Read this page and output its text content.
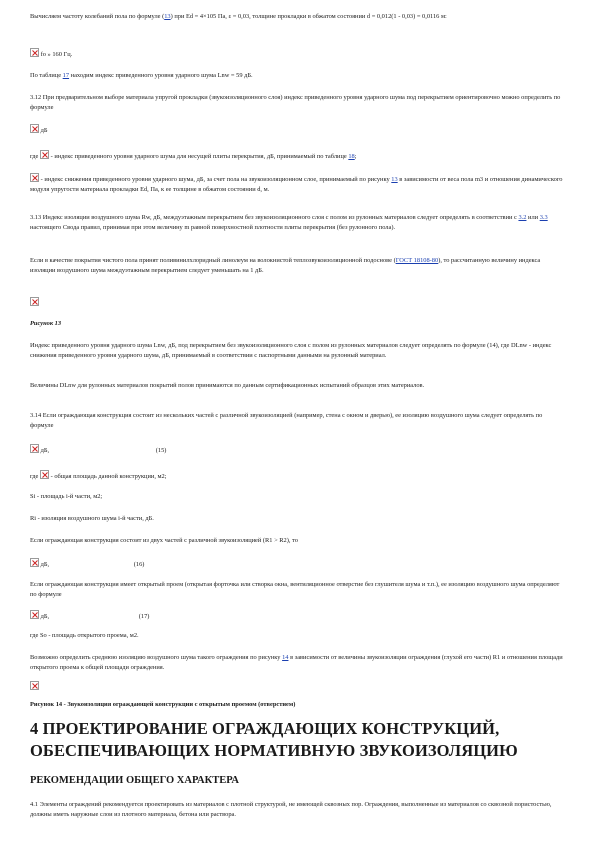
Вычисляем частоту колебаний пола по формуле (13) при Ed = 4×105 Па, ε = 0,03, толщине прокладки в обжатом состоянии d = 0,012(1 - 0,03) = 0,0116 м:

fo » 160 Гц.

По таблице 17 находим индекс приведенного уровня ударного шума Lnw = 59 дБ.

3.12 При предварительном выборе материала упругой прокладки (звукоизоляционного слоя) индекс приведенного уровня ударного шума под перекрытием ориентировочно можно определить по формуле

дБ

где - индекс приведенного уровня ударного шума для несущей плиты перекрытия, дБ, принимаемый по таблице 18;

- индекс снижения приведенного уровня ударного шума, дБ, за счет пола на звукоизоляционном слое, принимаемый по рисунку 13 в зависимости от веса пола m3 и отношения динамического модуля упругости материала прокладки Ed, Па, к ее толщине в обжатом состоянии d, м.

3.13 Индекс изоляции воздушного шума Rw, дБ, междуэтажным перекрытием без звукоизоляционного слоя с полом из рулонных материалов следует определять в соответствии с 3.2 или 3.3 настоящего Свода правил, принимая при этом величину m равной поверхностной плотности плиты перекрытия (без рулонного пола).

Если в качестве покрытия чистого пола принят поливинилхлоридный линолеум на волокнистой теплозвукоизоляционной подоснове (ГОСТ 18108-80), то рассчитанную величину индекса изоляции воздушного шума междуэтажным перекрытием следует уменьшать на 1 дБ.

Рисунок 13

Индекс приведенного уровня ударного шума Lnw, дБ, под перекрытием без звукоизоляционного слоя с полом из рулонных материалов следует определять по формуле (14), где DLnw - индекс снижения приведенного уровня ударного шума, дБ, принимаемый в соответствии с паспортными данными на рулонный материал.

Величины DLnw для рулонных материалов покрытий полов принимаются по данным сертификационных испытаний образцов этих материалов.

3.14 Если ограждающая конструкция состоит из нескольких частей с различной звукоизоляцией (например, стена с окном и дверью), ее изоляцию воздушного шума следует определять по формуле

дБ,	(15)

где - общая площадь данной конструкции, м2;

Si - площадь i-й части, м2;

Ri - изоляция воздушного шума i-й части, дБ.

Если ограждающая конструкция состоит из двух частей с различной звукоизоляцией (R1 > R2), то

дБ,	(16)

Если ограждающая конструкция имеет открытый проем (открытая форточка или створка окна, вентиляционное отверстие без глушителя шума и т.п.), ее изоляцию воздушного шума определяют по формуле

дБ,	(17)

где So - площадь открытого проема, м2.

Возможно определить среднюю изоляцию воздушного шума такого ограждения по рисунку 14 в зависимости от величины звукоизоляции ограждения (глухой его части) R1 и отношения площади открытого проема к общей площади ограждения.

Рисунок 14 - Звукоизоляция ограждающей конструкции с открытым проемом (отверстием)

4 ПРОЕКТИРОВАНИЕ ОГРАЖДАЮЩИХ КОНСТРУКЦИЙ, ОБЕСПЕЧИВАЮЩИХ НОРМАТИВНУЮ ЗВУКОИЗОЛЯЦИЮ
РЕКОМЕНДАЦИИ ОБЩЕГО ХАРАКТЕРА

4.1 Элементы ограждений рекомендуется проектировать из материалов с плотной структурой, не имеющей сквозных пор. Ограждения, выполненные из материалов со сквозной пористостью, должны иметь наружные слои из плотного материала, бетона или раствора.
